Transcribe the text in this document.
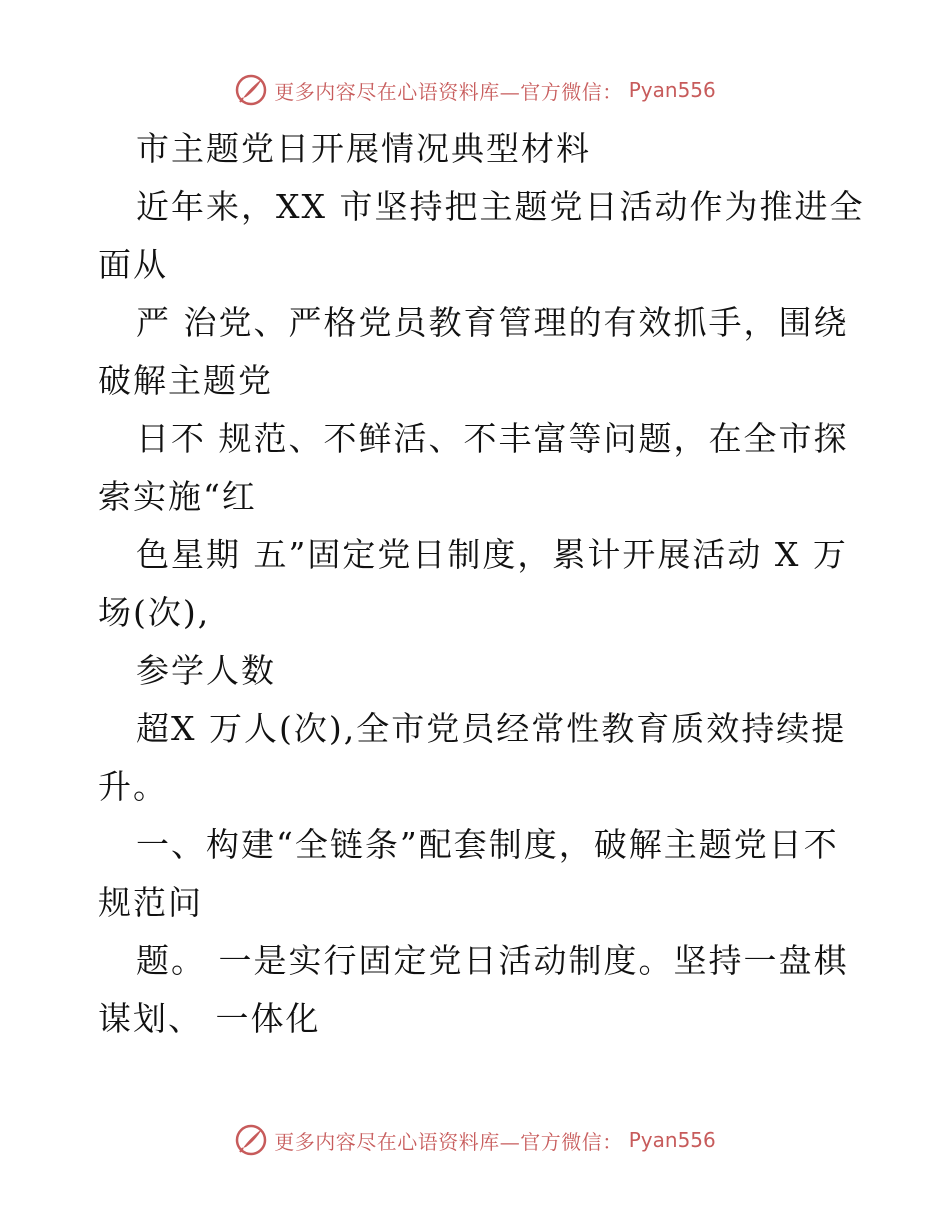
更多内容尽在心语资料库—官方微信： Pyan556
市主题党日开展情况典型材料
近年来，XX 市坚持把主题党日活动作为推进全
面从
严 治党、严格党员教育管理的有效抓手，围绕
破解主题党
日不 规范、不鲜活、不丰富等问题，在全市探
索实施“红
色星期 五”固定党日制度，累计开展活动 X 万
场(次),
参学人数
超X 万人(次),全市党员经常性教育质效持续提
升。
一、构建“全链条”配套制度，破解主题党日不
规范问
题。 一是实行固定党日活动制度。坚持一盘棋
谋划、 一体化
更多内容尽在心语资料库—官方微信： Pyan556
